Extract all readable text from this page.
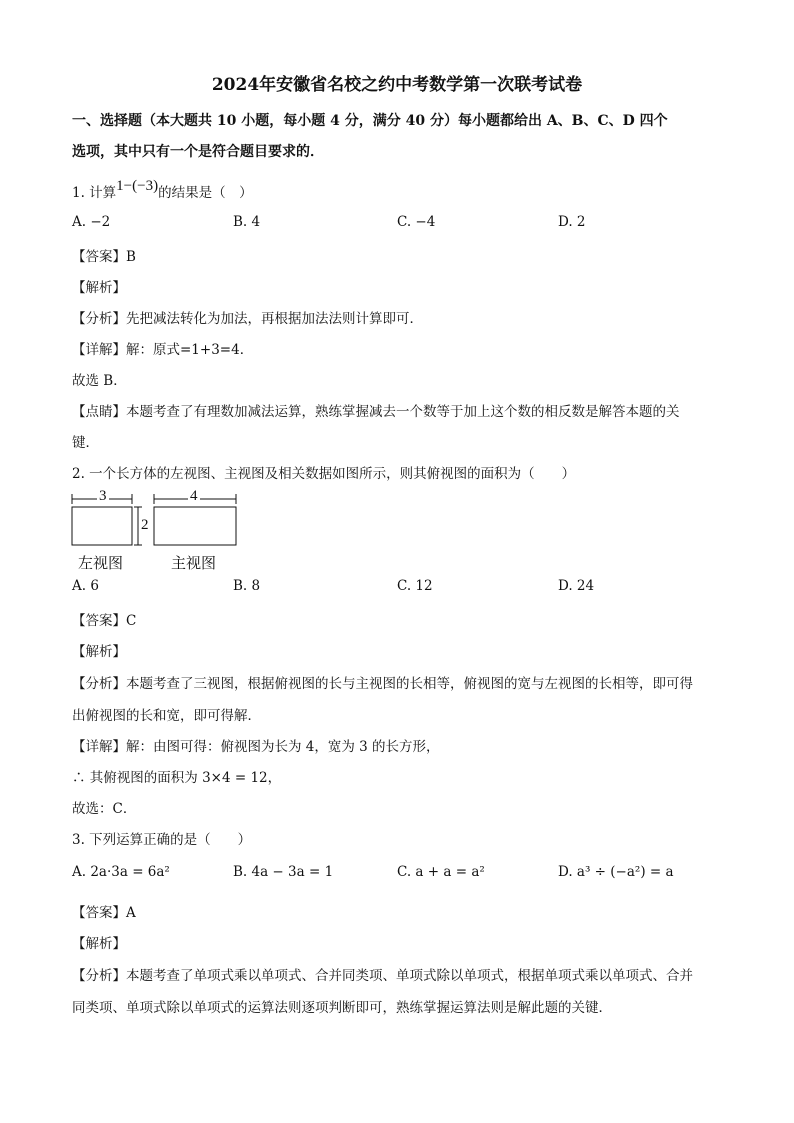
2024年安徽省名校之约中考数学第一次联考试卷
一、选择题（本大题共 10 小题，每小题 4 分，满分 40 分）每小题都给出 A、B、C、D 四个
选项，其中只有一个是符合题目要求的．
1. 计算1−(−3)的结果是（　）
A. −2	B. 4	C. −4	D. 2
【答案】B
【解析】
【分析】先把减法转化为加法，再根据加法法则计算即可．
【详解】解：原式=1+3=4．
故选 B．
【点睛】本题考查了有理数加减法运算，熟练掌握减去一个数等于加上这个数的相反数是解答本题的关
键．
2. 一个长方体的左视图、主视图及相关数据如图所示，则其俯视图的面积为（　　）
3
2
4
左视图	主视图
A. 6	B. 8	C. 12	D. 24
【答案】C
【解析】
【分析】本题考查了三视图，根据俯视图的长与主视图的长相等，俯视图的宽与左视图的长相等，即可得
出俯视图的长和宽，即可得解．
【详解】解：由图可得：俯视图为长为 4，宽为 3 的长方形，
∴ 其俯视图的面积为 3×4 = 12，
故选：C．
3. 下列运算正确的是（　　）
A. 2a·3a = 6a²	B. 4a − 3a = 1	C. a + a = a²	D. a³ ÷ (−a²) = a
【答案】A
【解析】
【分析】本题考查了单项式乘以单项式、合并同类项、单项式除以单项式，根据单项式乘以单项式、合并
同类项、单项式除以单项式的运算法则逐项判断即可，熟练掌握运算法则是解此题的关键．
